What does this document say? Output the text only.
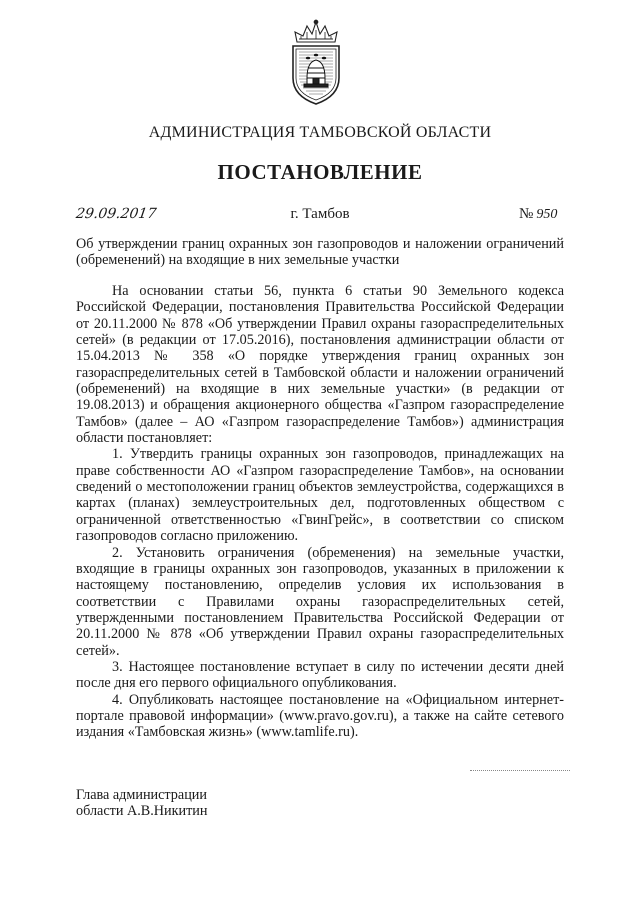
АДМИНИСТРАЦИЯ ТАМБОВСКОЙ ОБЛАСТИ
ПОСТАНОВЛЕНИЕ
29.09.2017	г. Тамбов	№ 950
Об утверждении границ охранных зон газопроводов и наложении ограничений (обременений) на входящие в них земельные участки

На основании статьи 56, пункта 6 статьи 90 Земельного кодекса Российской Федерации, постановления Правительства Российской Федерации от 20.11.2000 № 878 «Об утверждении Правил охраны газораспределительных сетей» (в редакции от 17.05.2016), постановления администрации области от 15.04.2013 № 358 «О порядке утверждения границ охранных зон газораспределительных сетей в Тамбовской области и наложении ограничений (обременений) на входящие в них земельные участки» (в редакции от 19.08.2013) и обращения акционерного общества «Газпром газораспределение Тамбов» (далее – АО «Газпром газораспределение Тамбов») администрация области постановляет:

1. Утвердить границы охранных зон газопроводов, принадлежащих на праве собственности АО «Газпром газораспределение Тамбов», на основании сведений о местоположении границ объектов землеустройства, содержащихся в картах (планах) землеустроительных дел, подготовленных обществом с ограниченной ответственностью «ГвинГрейс», в соответствии со списком газопроводов согласно приложению.

2. Установить ограничения (обременения) на земельные участки, входящие в границы охранных зон газопроводов, указанных в приложении к настоящему постановлению, определив условия их использования в соответствии с Правилами охраны газораспределительных сетей, утвержденными постановлением Правительства Российской Федерации от 20.11.2000 № 878 «Об утверждении Правил охраны газораспределительных сетей».

3. Настоящее постановление вступает в силу по истечении десяти дней после дня его первого официального опубликования.

4. Опубликовать настоящее постановление на «Официальном интернет-портале правовой информации» (www.pravo.gov.ru), а также на сайте сетевого издания «Тамбовская жизнь» (www.tamlife.ru).

Глава администрации
области А.В.Никитин
